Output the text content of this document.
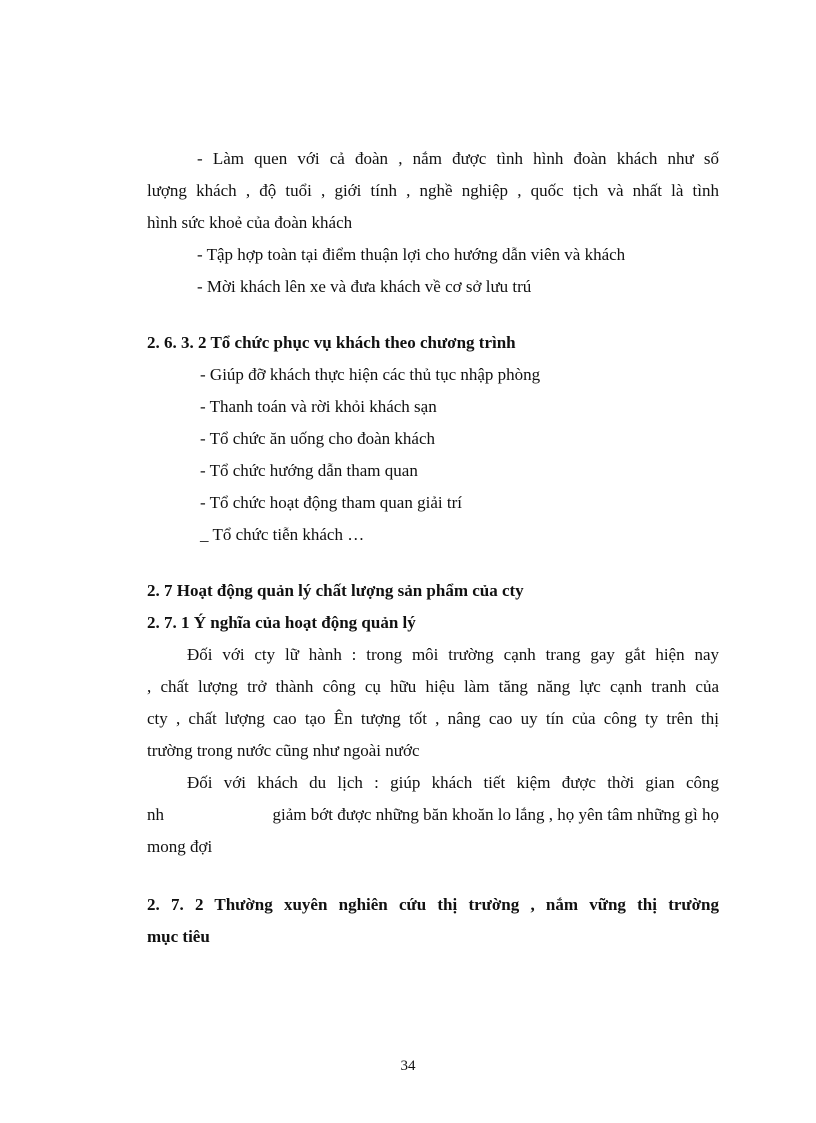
- Làm quen với cả đoàn , nắm được tình hình đoàn khách như số
lượng khách , độ tuổi , giới tính , nghề nghiệp , quốc tịch và nhất là tình
hình sức khoẻ của đoàn khách
- Tập hợp toàn tại điểm thuận lợi cho hướng dẫn viên và khách
- Mời khách lên xe và đưa khách về cơ sở lưu trú
2. 6. 3. 2 Tổ chức phục vụ khách theo chương trình
- Giúp đỡ khách thực hiện các thủ tục nhập phòng
- Thanh toán và rời khỏi khách sạn
- Tổ chức ăn uống cho đoàn khách
- Tổ chức hướng dẫn tham quan
- Tổ chức hoạt động tham quan giải trí
_ Tổ chức tiễn khách …
2. 7 Hoạt động quản lý chất lượng sản phẩm của cty
2. 7. 1 Ý nghĩa của hoạt động quản lý
Đối với cty lữ hành : trong môi trường cạnh trang gay gắt hiện nay
, chất lượng trở thành công cụ hữu hiệu làm tăng năng lực cạnh tranh của
cty , chất lượng cao tạo Ên tượng tốt , nâng cao uy tín của công ty trên thị
trường trong nước cũng như ngoài nước
Đối với khách du lịch : giúp khách tiết kiệm được thời gian công
nh	giảm bớt được những băn khoăn lo lắng , họ yên tâm những gì họ
mong đợi
2. 7. 2 Thường xuyên nghiên cứu thị trường , nắm vững thị trường
mục tiêu
34
